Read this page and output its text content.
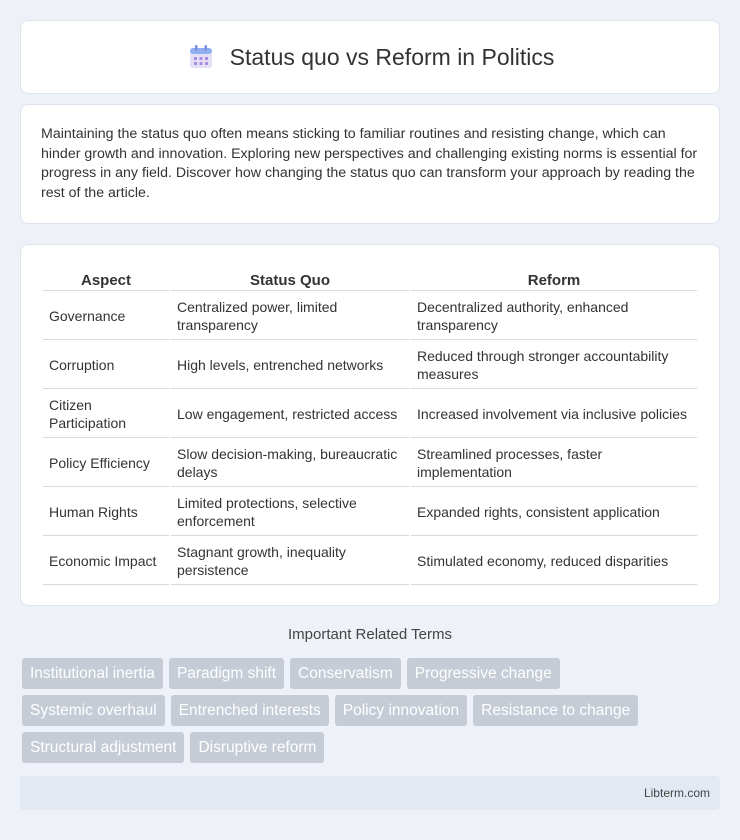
Status quo vs Reform in Politics

Maintaining the status quo often means sticking to familiar routines and resisting change, which can hinder growth and innovation. Exploring new perspectives and challenging existing norms is essential for progress in any field. Discover how changing the status quo can transform your approach by reading the rest of the article.

Aspect	Status Quo	Reform
Governance	Centralized power, limited transparency	Decentralized authority, enhanced transparency
Corruption	High levels, entrenched networks	Reduced through stronger accountability measures
Citizen Participation	Low engagement, restricted access	Increased involvement via inclusive policies
Policy Efficiency	Slow decision-making, bureaucratic delays	Streamlined processes, faster implementation
Human Rights	Limited protections, selective enforcement	Expanded rights, consistent application
Economic Impact	Stagnant growth, inequality persistence	Stimulated economy, reduced disparities
Important Related Terms
Institutional inertia	Paradigm shift	Conservatism	Progressive change
Systemic overhaul	Entrenched interests	Policy innovation	Resistance to change
Structural adjustment	Disruptive reform
Libterm.com
